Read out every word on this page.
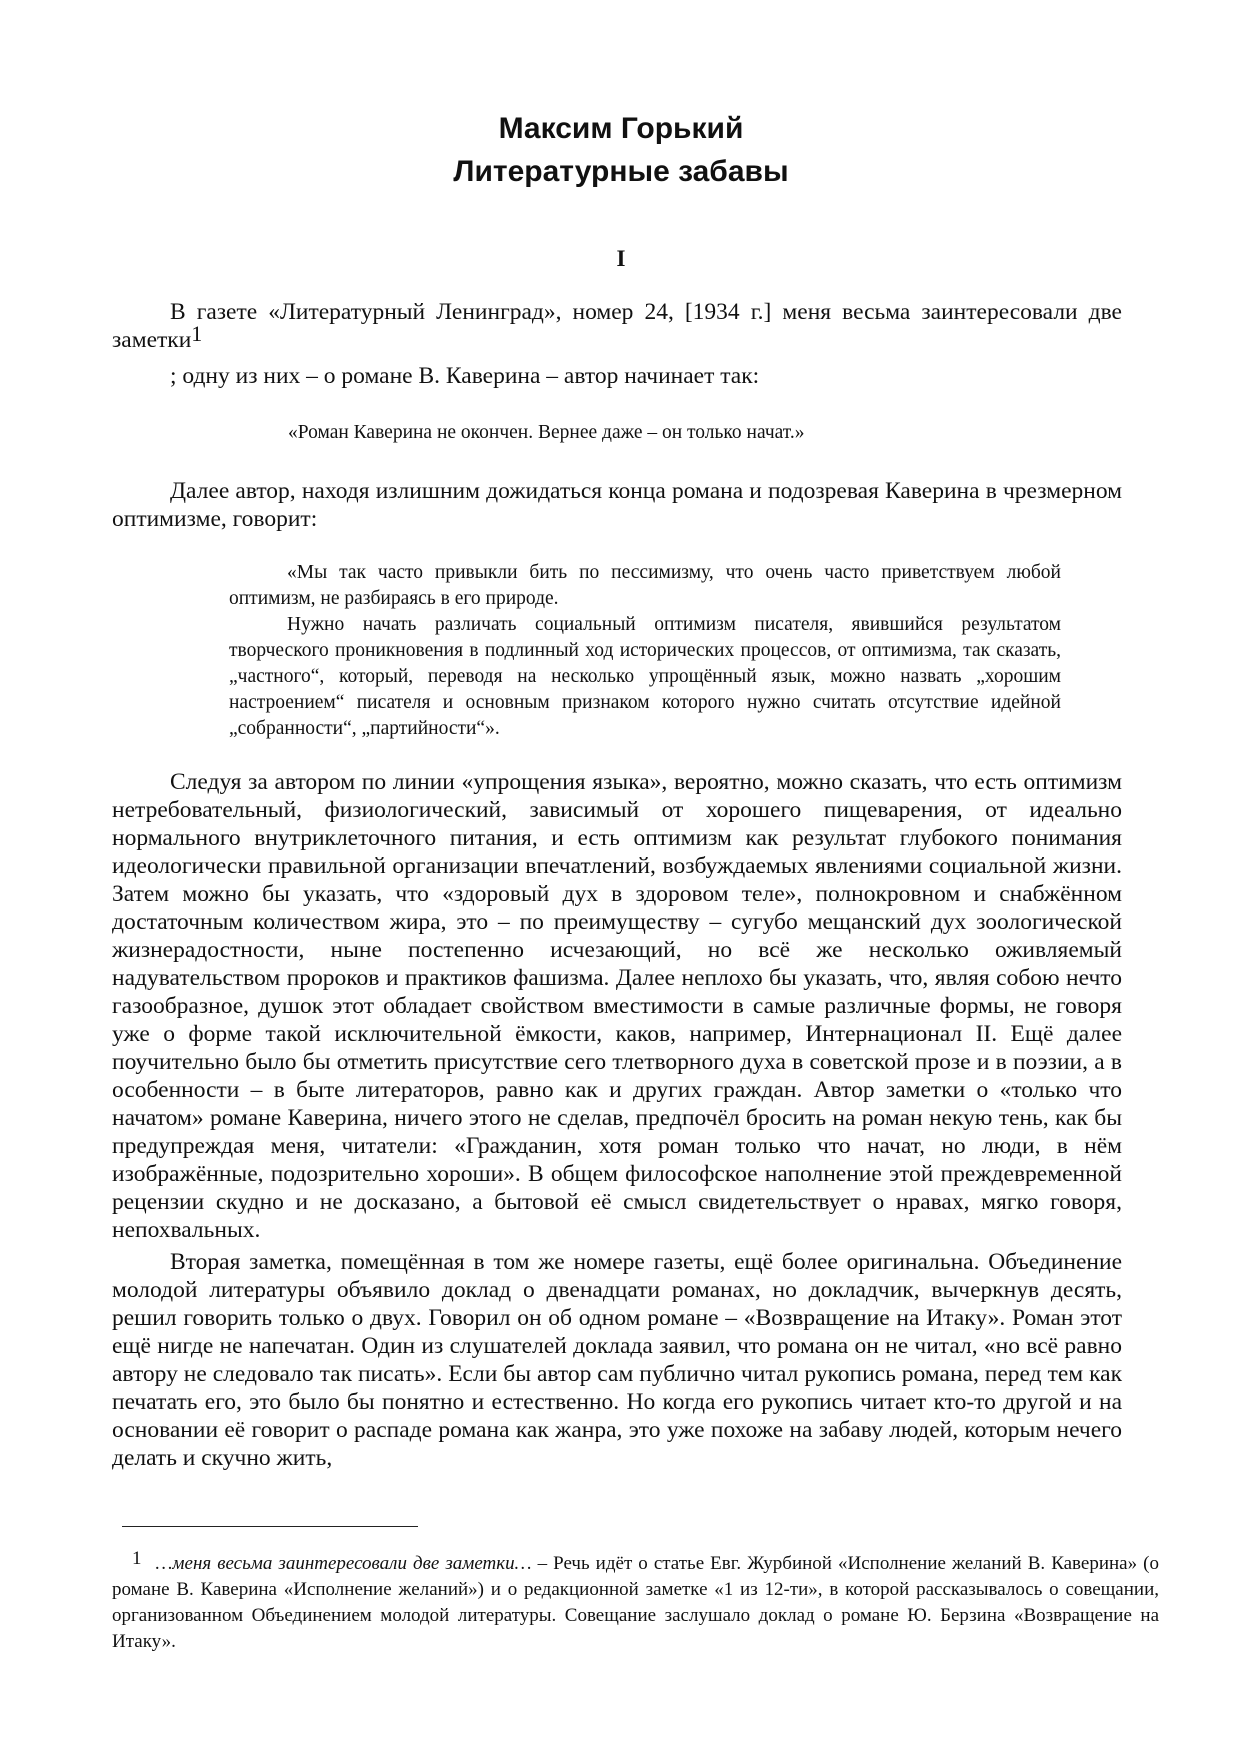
Максим Горький
Литературные забавы
I

В газете «Литературный Ленинград», номер 24, [1934 г.] меня весьма заинтересовали две

заметки$^1$

; одну из них – о романе В. Каверина – автор начинает так:

«Роман Каверина не окончен. Вернее даже – он только начат.»

Далее автор, находя излишним дожидаться конца романа и подозревая Каверина в чрезмерном оптимизме, говорит:

«Мы так часто привыкли бить по пессимизму, что очень часто приветствуем любой оптимизм, не разбираясь в его природе.

Нужно начать различать социальный оптимизм писателя, явившийся результатом творческого проникновения в подлинный ход исторических процессов, от оптимизма, так сказать, „частного“, который, переводя на несколько упрощённый язык, можно назвать „хорошим настроением“ писателя и основным признаком которого нужно считать отсутствие идейной „собранности“, „партийности“».

Следуя за автором по линии «упрощения языка», вероятно, можно сказать, что есть оптимизм нетребовательный, физиологический, зависимый от хорошего пищеварения, от идеально нормального внутриклеточного питания, и есть оптимизм как результат глубокого понимания идеологически правильной организации впечатлений, возбуждаемых явлениями социальной жизни. Затем можно бы указать, что «здоровый дух в здоровом теле», полнокровном и снабжённом достаточным количеством жира, это – по преимуществу – сугубо мещанский дух зоологической жизнерадостности, ныне постепенно исчезающий, но всё же несколько оживляемый надувательством пророков и практиков фашизма. Далее неплохо бы указать, что, являя собою нечто газообразное, душок этот обладает свойством вместимости в самые различные формы, не говоря уже о форме такой исключительной ёмкости, каков, например, Интернационал II. Ещё далее поучительно было бы отметить присутствие сего тлетворного духа в советской прозе и в поэзии, а в особенности – в быте литераторов, равно как и других граждан. Автор заметки о «только что начатом» романе Каверина, ничего этого не сделав, предпочёл бросить на роман некую тень, как бы предупреждая меня, читатели: «Гражданин, хотя роман только что начат, но люди, в нём изображённые, подозрительно хороши». В общем философское наполнение этой преждевременной рецензии скудно и не досказано, а бытовой её смысл свидетельствует о нравах, мягко говоря, непохвальных.

Вторая заметка, помещённая в том же номере газеты, ещё более оригинальна. Объединение молодой литературы объявило доклад о двенадцати романах, но докладчик, вычеркнув десять, решил говорить только о двух. Говорил он об одном романе – «Возвращение на Итаку». Роман этот ещё нигде не напечатан. Один из слушателей доклада заявил, что романа он не читал, «но всё равно автору не следовало так писать». Если бы автор сам публично читал рукопись романа, перед тем как печатать его, это было бы понятно и естественно. Но когда его рукопись читает кто-то другой и на основании её говорит о распаде романа как жанра, это уже похоже на забаву людей, которым нечего делать и скучно жить,

1 …меня весьма заинтересовали две заметки… – Речь идёт о статье Евг. Журбиной «Исполнение желаний В. Каверина» (о романе В. Каверина «Исполнение желаний») и о редакционной заметке «1 из 12-ти», в которой рассказывалось о совещании, организованном Объединением молодой литературы. Совещание заслушало доклад о романе Ю. Берзина «Возвращение на Итаку».
